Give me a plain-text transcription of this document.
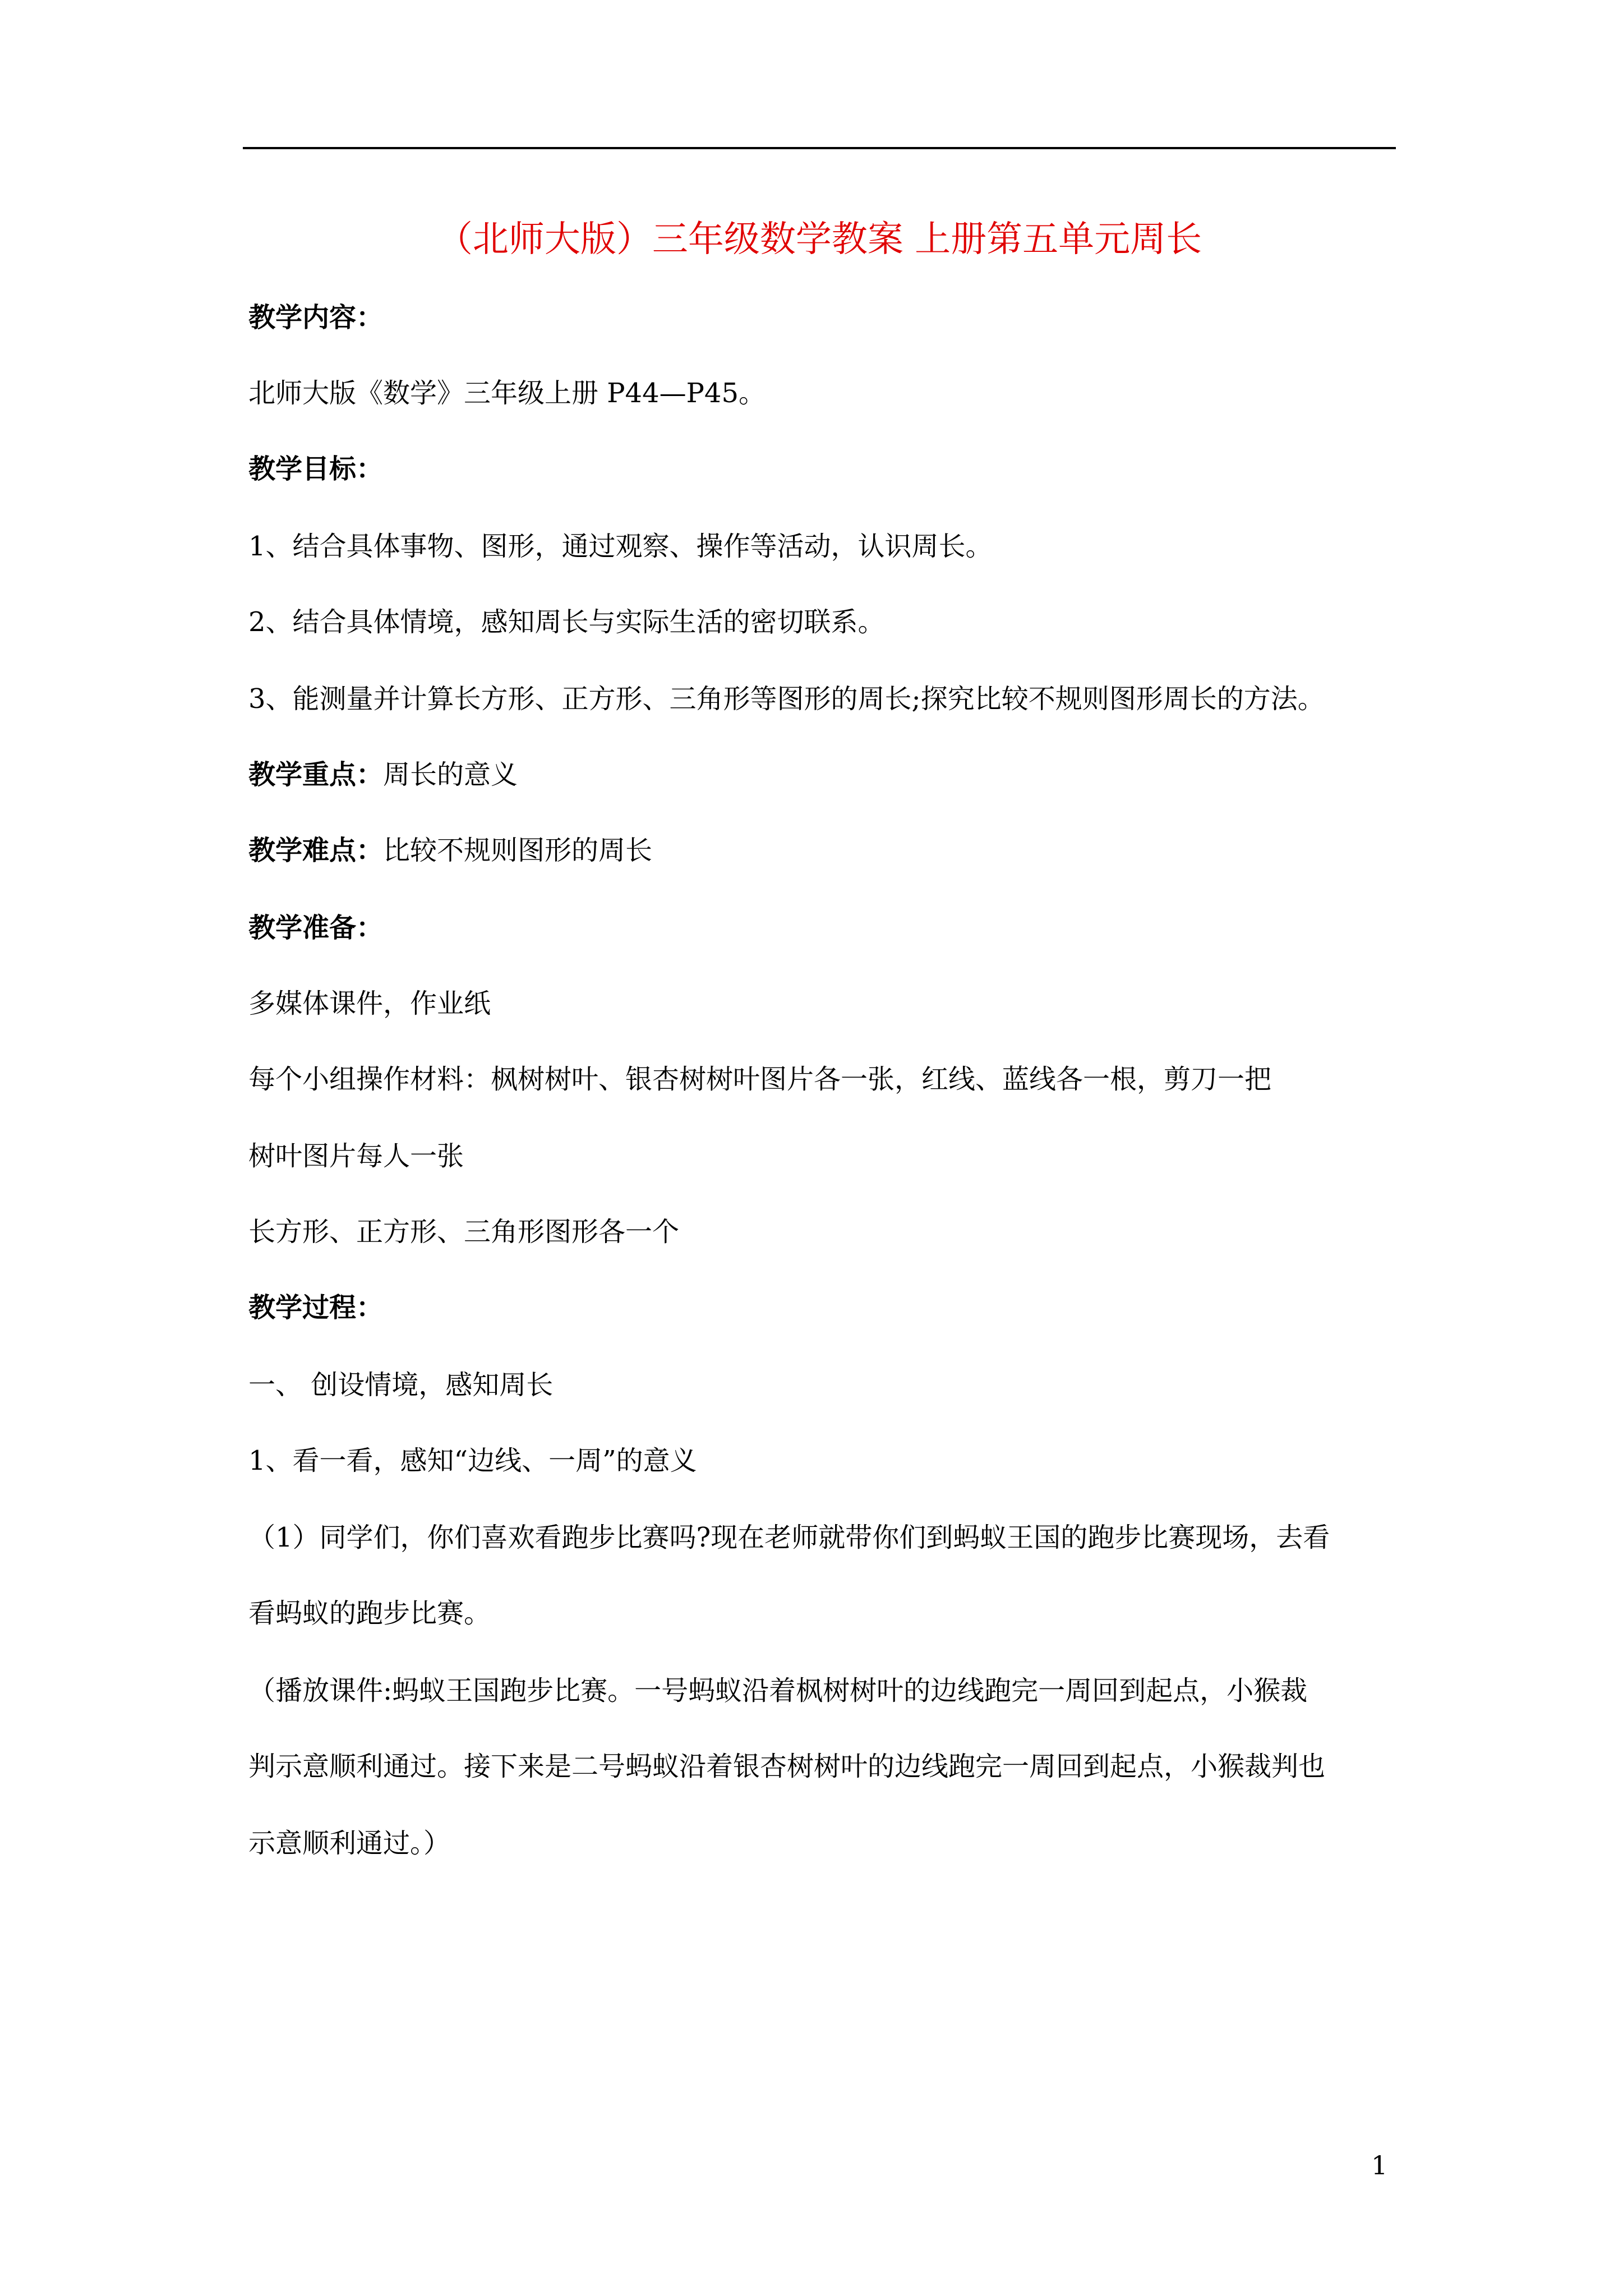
（北师大版）三年级数学教案 上册第五单元周长
教学内容：
北师大版《数学》三年级上册 P44—P45。
教学目标：
1、结合具体事物、图形，通过观察、操作等活动，认识周长。
2、结合具体情境，感知周长与实际生活的密切联系。
3、能测量并计算长方形、正方形、三角形等图形的周长;探究比较不规则图形周长的方法。
教学重点：周长的意义
教学难点：比较不规则图形的周长
教学准备：
多媒体课件，作业纸
每个小组操作材料：枫树树叶、银杏树树叶图片各一张，红线、蓝线各一根，剪刀一把
树叶图片每人一张
长方形、正方形、三角形图形各一个
教学过程：
一、 创设情境，感知周长
1、看一看，感知“边线、一周”的意义
（1）同学们，你们喜欢看跑步比赛吗?现在老师就带你们到蚂蚁王国的跑步比赛现场，去看
看蚂蚁的跑步比赛。
（播放课件:蚂蚁王国跑步比赛。一号蚂蚁沿着枫树树叶的边线跑完一周回到起点，小猴裁
判示意顺利通过。接下来是二号蚂蚁沿着银杏树树叶的边线跑完一周回到起点，小猴裁判也
示意顺利通过。）
1
